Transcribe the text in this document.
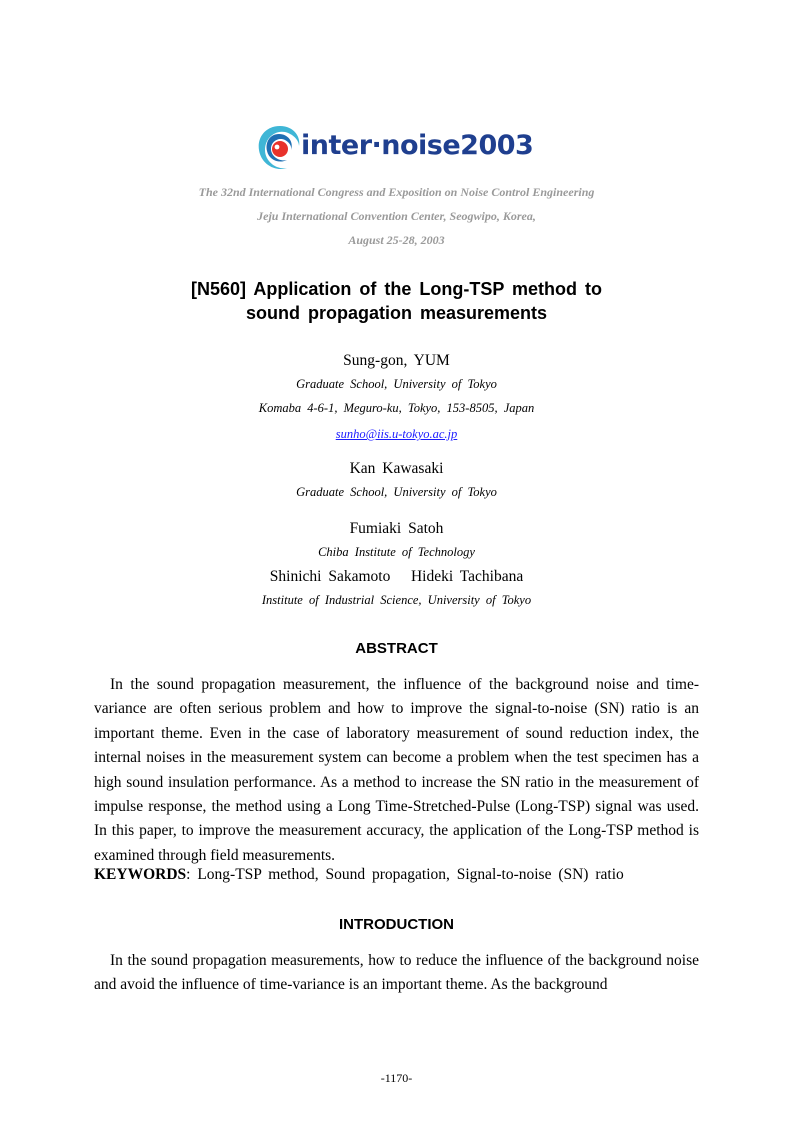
inter·noise2003
The 32nd International Congress and Exposition on Noise Control Engineering
Jeju International Convention Center, Seogwipo, Korea,
August 25-28, 2003
[N560] Application of the Long-TSP method to
sound propagation measurements
Sung-gon, YUM
Graduate School, University of Tokyo
Komaba 4-6-1, Meguro-ku, Tokyo, 153-8505, Japan
sunho@iis.u-tokyo.ac.jp
Kan Kawasaki
Graduate School, University of Tokyo
Fumiaki Satoh
Chiba Institute of Technology
Shinichi Sakamoto   Hideki Tachibana
Institute of Industrial Science, University of Tokyo
ABSTRACT

In the sound propagation measurement, the influence of the background noise and time-variance are often serious problem and how to improve the signal-to-noise (SN) ratio is an important theme. Even in the case of laboratory measurement of sound reduction index, the internal noises in the measurement system can become a problem when the test specimen has a high sound insulation performance. As a method to increase the SN ratio in the measurement of impulse response, the method using a Long Time-Stretched-Pulse (Long-TSP) signal was used. In this paper, to improve the measurement accuracy, the application of the Long-TSP method is examined through field measurements.

KEYWORDS: Long-TSP method, Sound propagation, Signal-to-noise (SN) ratio
INTRODUCTION

In the sound propagation measurements, how to reduce the influence of the background noise and avoid the influence of time-variance is an important theme. As the background

-1170-
